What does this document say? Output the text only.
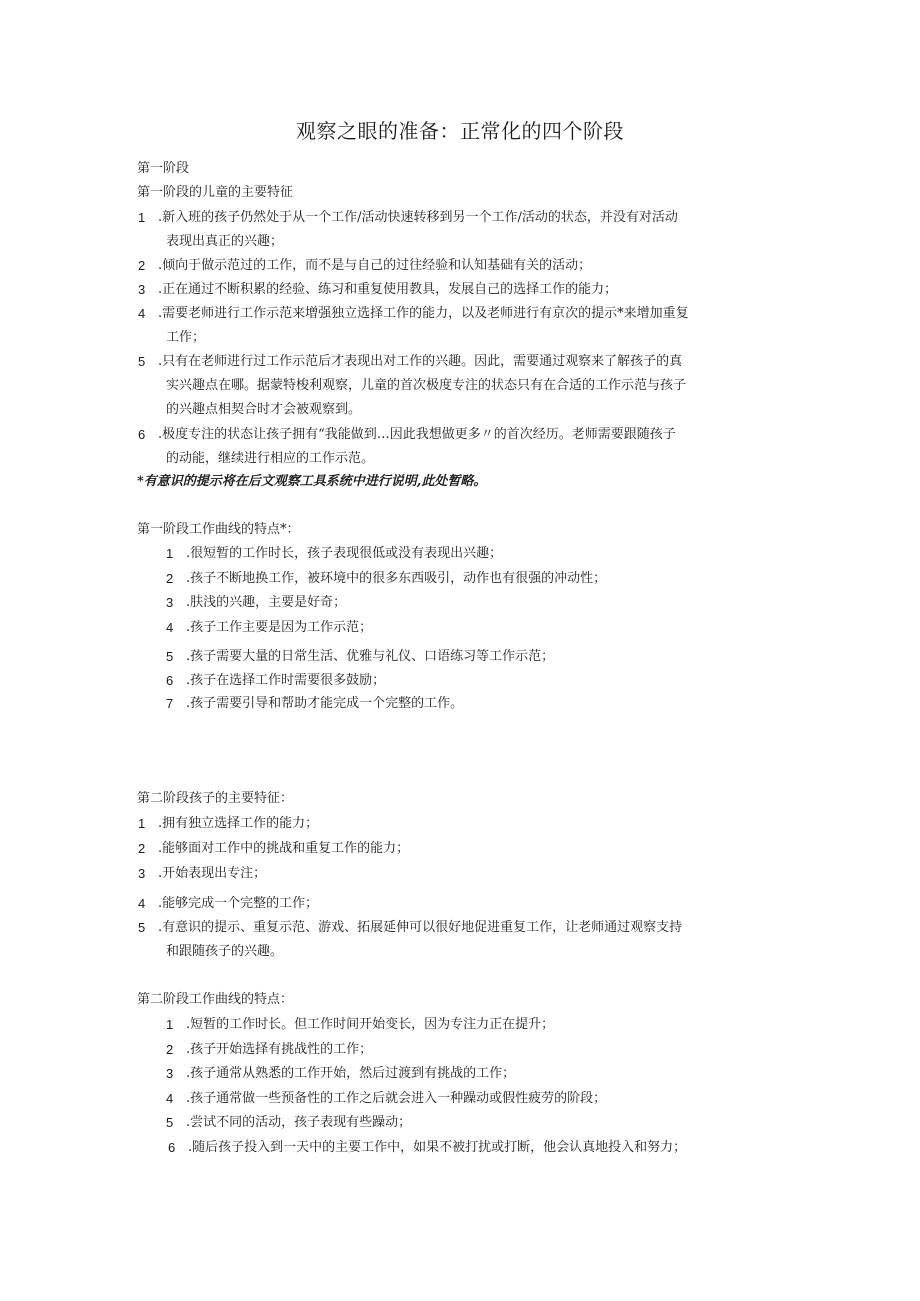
观察之眼的准备：正常化的四个阶段
第一阶段
第一阶段的儿童的主要特征
1 .新入班的孩子仍然处于从一个工作/活动快速转移到另一个工作/活动的状态，并没有对活动
表现出真正的兴趣；
2 .倾向于做示范过的工作，而不是与自己的过往经验和认知基础有关的活动；
3 .正在通过不断积累的经验、练习和重复使用教具，发展自己的选择工作的能力；
4 .需要老师进行工作示范来增强独立选择工作的能力，以及老师进行有京次的提示*来增加重复
工作；
5 .只有在老师进行过工作示范后才表现出对工作的兴趣。因此，需要通过观察来了解孩子的真
实兴趣点在哪。据蒙特梭利观察，儿童的首次极度专注的状态只有在合适的工作示范与孩子
的兴趣点相契合时才会被观察到。
6 .极度专注的状态让孩子拥有“我能做到…因此我想做更多〃的首次经历。老师需要跟随孩子
的动能，继续进行相应的工作示范。
*有意识的提示将在后文观察工具系统中进行说明,此处暂略。
第一阶段工作曲线的特点*：
1 .很短暂的工作时长，孩子表现很低或没有表现出兴趣；
2 .孩子不断地换工作，被环境中的很多东西吸引，动作也有很强的冲动性；
3 .肤浅的兴趣，主要是好奇；
4 .孩子工作主要是因为工作示范；
5 .孩子需要大量的日常生活、优雅与礼仪、口语练习等工作示范；
6 .孩子在选择工作时需要很多鼓励；
7 .孩子需要引导和帮助才能完成一个完整的工作。
第二阶段孩子的主要特征：
1 .拥有独立选择工作的能力；
2 .能够面对工作中的挑战和重复工作的能力；
3 .开始表现出专注；
4 .能够完成一个完整的工作；
5 .有意识的提示、重复示范、游戏、拓展延伸可以很好地促进重复工作，让老师通过观察支持
和跟随孩子的兴趣。
第二阶段工作曲线的特点：
1 .短暂的工作时长。但工作时间开始变长，因为专注力正在提升；
2 .孩子开始选择有挑战性的工作；
3 .孩子通常从熟悉的工作开始，然后过渡到有挑战的工作；
4 .孩子通常做一些预备性的工作之后就会进入一种躁动或假性疲劳的阶段；
5 .尝试不同的活动，孩子表现有些躁动；
6 .随后孩子投入到一天中的主要工作中，如果不被打扰或打断，他会认真地投入和努力；
